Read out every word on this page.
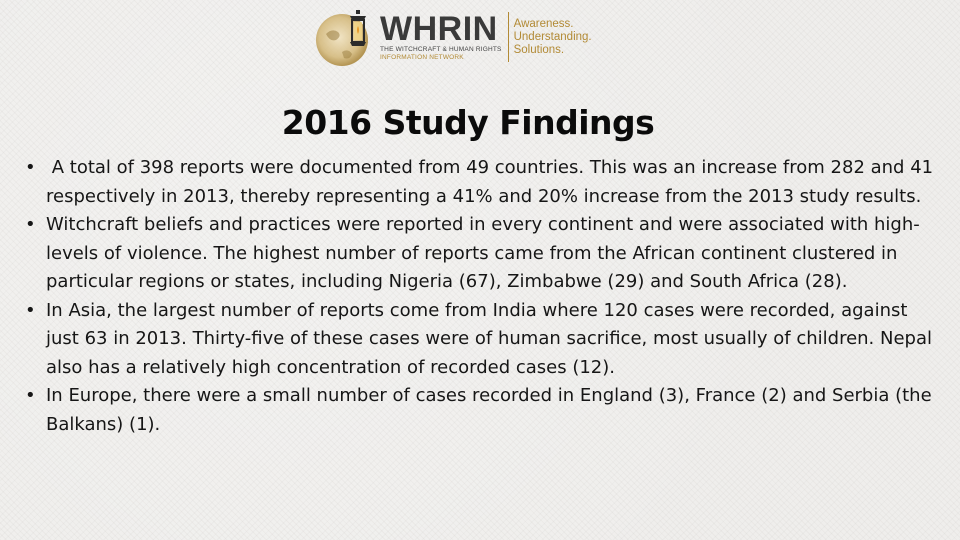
WHRIN
THE WITCHCRAFT & HUMAN RIGHTS
INFORMATION NETWORK
Awareness.
Understanding.
Solutions.
2016 Study Findings
• A total of 398 reports were documented from 49 countries. This was an increase from 282 and 41 respectively in 2013, thereby representing a 41% and 20% increase from the 2013 study results.
• Witchcraft beliefs and practices were reported in every continent and were associated with high-levels of violence. The highest number of reports came from the African continent clustered in particular regions or states, including Nigeria (67), Zimbabwe (29) and South Africa (28).
• In Asia, the largest number of reports come from India where 120 cases were recorded, against just 63 in 2013. Thirty-five of these cases were of human sacrifice, most usually of children. Nepal also has a relatively high concentration of recorded cases (12).
• In Europe, there were a small number of cases recorded in England (3), France (2) and Serbia (the Balkans) (1).
